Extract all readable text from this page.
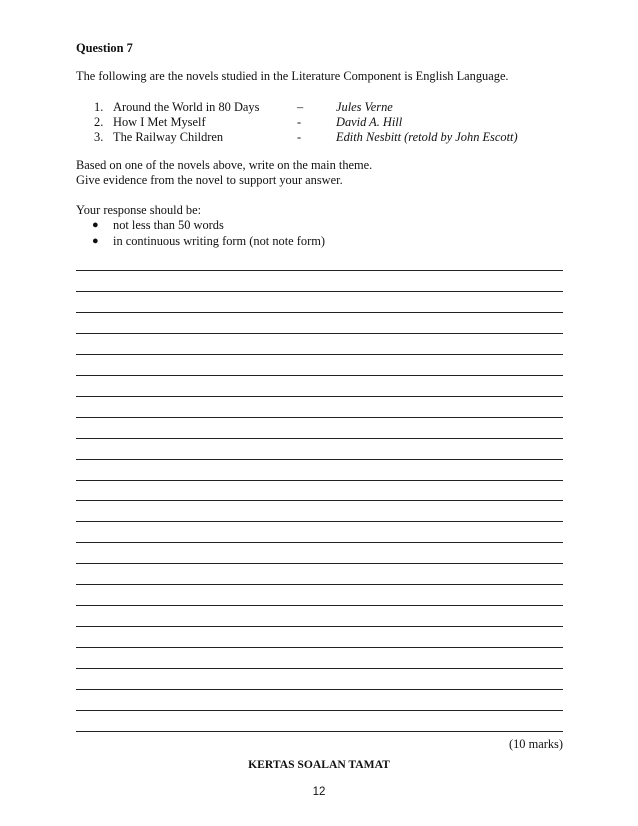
Question 7
The following are the novels studied in the Literature Component is English Language.
1. Around the World in 80 Days	–	Jules Verne
2. How I Met Myself	-	David A. Hill
3. The Railway Children	-	Edith Nesbitt (retold by John Escott)
Based on one of the novels above, write on the main theme.
Give evidence from the novel to support your answer.
Your response should be:
● not less than 50 words
● in continuous writing form (not note form)
(10 marks)
KERTAS SOALAN TAMAT
12
